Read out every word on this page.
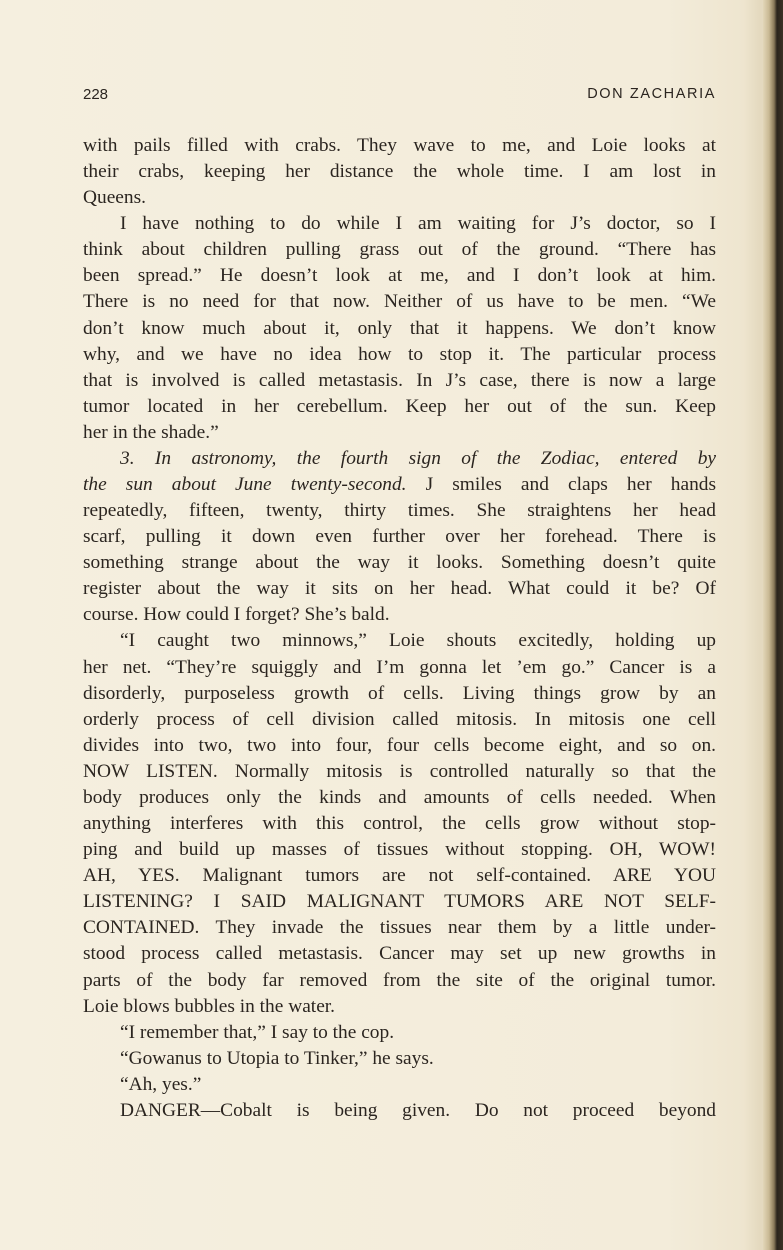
228	DON ZACHARIA
with pails filled with crabs. They wave to me, and Loie looks at
their crabs, keeping her distance the whole time. I am lost in
Queens.
I have nothing to do while I am waiting for J’s doctor, so I
think about children pulling grass out of the ground. “There has
been spread.” He doesn’t look at me, and I don’t look at him.
There is no need for that now. Neither of us have to be men. “We
don’t know much about it, only that it happens. We don’t know
why, and we have no idea how to stop it. The particular process
that is involved is called metastasis. In J’s case, there is now a large
tumor located in her cerebellum. Keep her out of the sun. Keep
her in the shade.”
3. In astronomy, the fourth sign of the Zodiac, entered by
the sun about June twenty-second. J smiles and claps her hands
repeatedly, fifteen, twenty, thirty times. She straightens her head
scarf, pulling it down even further over her forehead. There is
something strange about the way it looks. Something doesn’t quite
register about the way it sits on her head. What could it be? Of
course. How could I forget? She’s bald.
“I caught two minnows,” Loie shouts excitedly, holding up
her net. “They’re squiggly and I’m gonna let ’em go.” Cancer is a
disorderly, purposeless growth of cells. Living things grow by an
orderly process of cell division called mitosis. In mitosis one cell
divides into two, two into four, four cells become eight, and so on.
NOW LISTEN. Normally mitosis is controlled naturally so that the
body produces only the kinds and amounts of cells needed. When
anything interferes with this control, the cells grow without stop-
ping and build up masses of tissues without stopping. OH, WOW!
AH, YES. Malignant tumors are not self-contained. ARE YOU
LISTENING? I SAID MALIGNANT TUMORS ARE NOT SELF-
CONTAINED. They invade the tissues near them by a little under-
stood process called metastasis. Cancer may set up new growths in
parts of the body far removed from the site of the original tumor.
Loie blows bubbles in the water.
“I remember that,” I say to the cop.
“Gowanus to Utopia to Tinker,” he says.
“Ah, yes.”
DANGER––Cobalt is being given. Do not proceed beyond
